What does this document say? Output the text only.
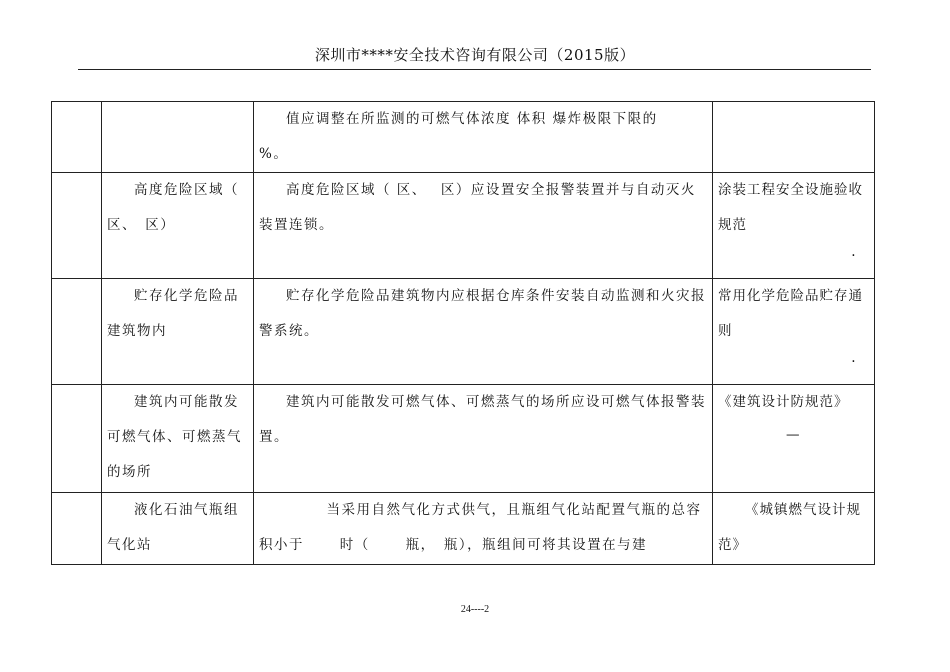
深圳市****安全技术咨询有限公司（2015版）

		值应调整在所监测的可燃气体浓度 体积 爆炸极限下限的　 %。	

	高度危险区域（ 区、　区）	高度危险区域（ 区、　 区）应设置安全报警装置并与自动灭火装置连锁。	涂装工程安全设施验收规范
.

	贮存化学危险品建筑物内	贮存化学危险品建筑物内应根据仓库条件安装自动监测和火灾报警系统。	常用化学危险品贮存通则
.

	建筑内可能散发可燃气体、可燃蒸气的场所	建筑内可能散发可燃气体、可燃蒸气的场所应设可燃气体报警装置。	《建筑设计防规范》
—

	液化石油气瓶组气化站	当采用自然气化方式供气，且瓶组气化站配置气瓶的总容积小于　　 时（　　 瓶，　瓶），瓶组间可将其设置在与建	《城镇燃气设计规范》
24----2
